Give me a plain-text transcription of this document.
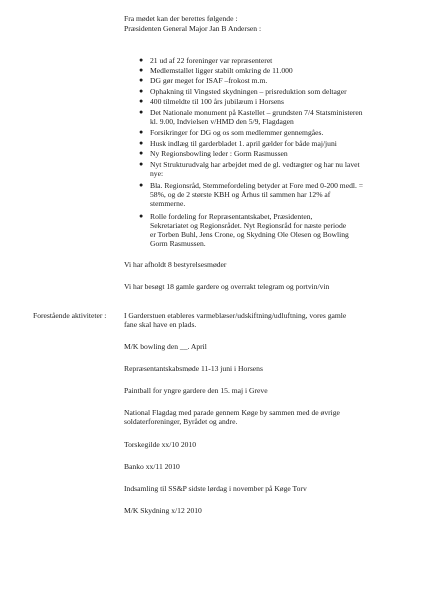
Fra mødet kan der berettes følgende :
Præsidenten General Major Jan B Andersen :
● 21 ud af 22 foreninger var repræsenteret
● Medlemstallet ligger stabilt omkring de 11.000
● DG gør meget for ISAF –frokost m.m.
● Ophakning til Vingsted skydningen – prisreduktion som deltager
● 400 tilmeldte til 100 års jubilæum i Horsens
● Det Nationale monument på Kastellet – grundsten 7/4 Statsministeren
kl. 9.00, Indvielsen v/HMD den 5/9, Flagdagen
● Forsikringer for DG og os som medlemmer gennemgåes.
● Husk indlæg til garderbladet 1. april gælder for både maj/juni
● Ny Regionsbowling leder : Gorm Rasmussen
● Nyt Strukturudvalg har arbejdet med de gl. vedtægter og har nu lavet
nye:
● Bla. Regionsråd, Stemmefordeling betyder at Fore med 0-200 medl. =
58%, og de 2 største KBH og Århus til sammen har 12% af
stemmerne.
● Rolle fordeling for Repræsentantskabet, Præsidenten,
Sekretariatet og Regionsrådet. Nyt Regionsråd for næste periode
er Torben Buhl, Jens Crone, og Skydning Ole Olesen og Bowling
Gorm Rasmussen.
Vi har afholdt 8 bestyrelsesmøder
Vi har besøgt 18 gamle gardere og overrakt telegram og portvin/vin
Forestående aktiviteter : I Garderstuen etableres varmeblæser/udskiftning/udluftning, vores gamle
fane skal have en plads.
M/K bowling den __. April
Repræsentantskabsmøde 11-13 juni i Horsens
Paintball for yngre gardere den 15. maj i Greve
National Flagdag med parade gennem Køge by sammen med de øvrige
soldaterforeninger, Byrådet og andre.
Torskegilde xx/10 2010
Banko xx/11 2010
Indsamling til SS&P sidste lørdag i november på Køge Torv
M/K Skydning x/12 2010
